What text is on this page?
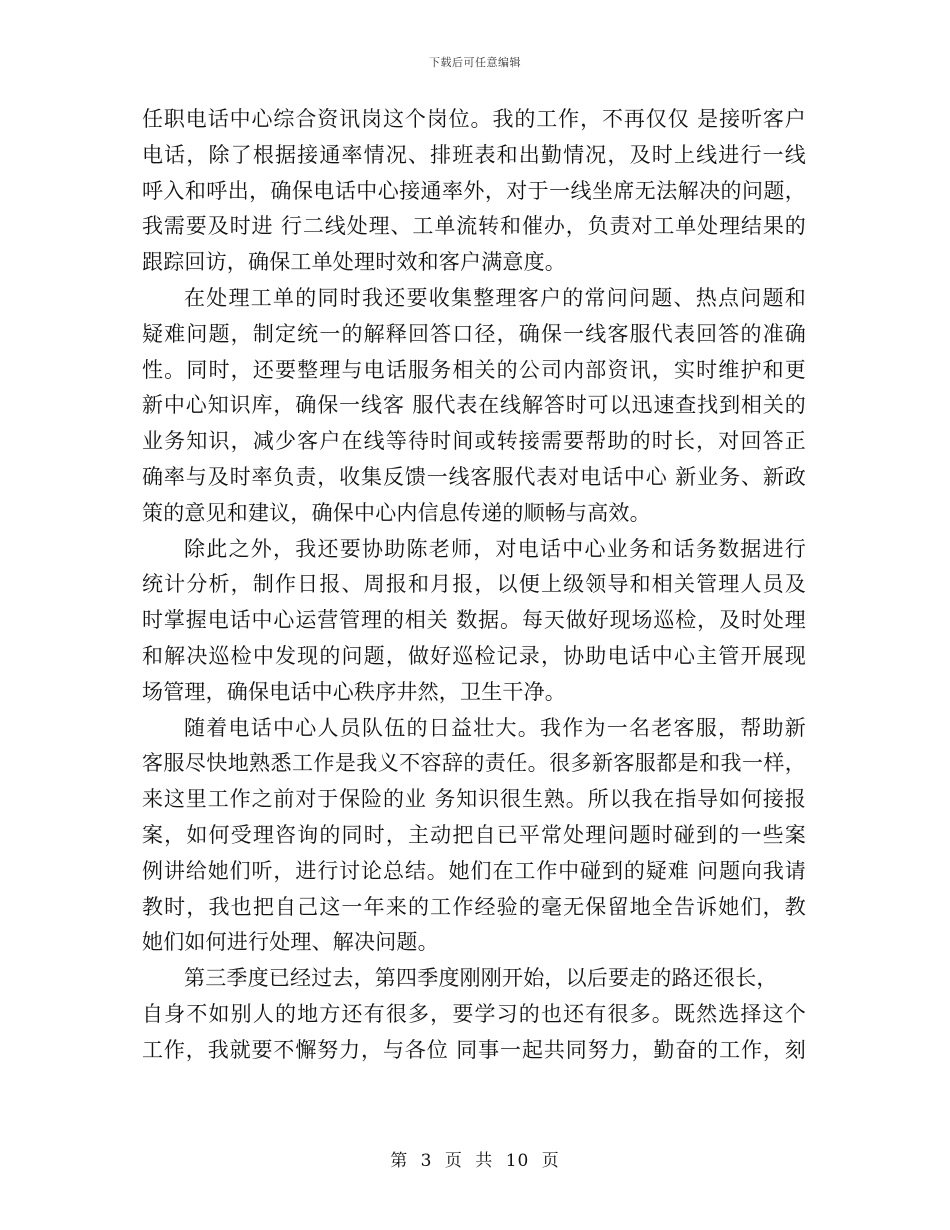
下载后可任意编辑
任职电话中心综合资讯岗这个岗位。我的工作，不再仅仅 是接听客户
电话，除了根据接通率情况、排班表和出勤情况，及时上线进行一线
呼入和呼出，确保电话中心接通率外，对于一线坐席无法解决的问题，
我需要及时进 行二线处理、工单流转和催办，负责对工单处理结果的
跟踪回访，确保工单处理时效和客户满意度。
在处理工单的同时我还要收集整理客户的常问问题、热点问题和
疑难问题，制定统一的解释回答口径，确保一线客服代表回答的准确
性。同时，还要整理与电话服务相关的公司内部资讯，实时维护和更
新中心知识库，确保一线客 服代表在线解答时可以迅速查找到相关的
业务知识，减少客户在线等待时间或转接需要帮助的时长，对回答正
确率与及时率负责，收集反馈一线客服代表对电话中心 新业务、新政
策的意见和建议，确保中心内信息传递的顺畅与高效。
除此之外，我还要协助陈老师，对电话中心业务和话务数据进行
统计分析，制作日报、周报和月报，以便上级领导和相关管理人员及
时掌握电话中心运营管理的相关 数据。每天做好现场巡检，及时处理
和解决巡检中发现的问题，做好巡检记录，协助电话中心主管开展现
场管理，确保电话中心秩序井然，卫生干净。
随着电话中心人员队伍的日益壮大。我作为一名老客服，帮助新
客服尽快地熟悉工作是我义不容辞的责任。很多新客服都是和我一样，
来这里工作之前对于保险的业 务知识很生熟。所以我在指导如何接报
案，如何受理咨询的同时，主动把自已平常处理问题时碰到的一些案
例讲给她们听，进行讨论总结。她们在工作中碰到的疑难 问题向我请
教时，我也把自己这一年来的工作经验的毫无保留地全告诉她们，教
她们如何进行处理、解决问题。
第三季度已经过去，第四季度刚刚开始，以后要走的路还很长，
自身不如别人的地方还有很多，要学习的也还有很多。既然选择这个
工作，我就要不懈努力，与各位 同事一起共同努力，勤奋的工作，刻
第 3 页 共 10 页
